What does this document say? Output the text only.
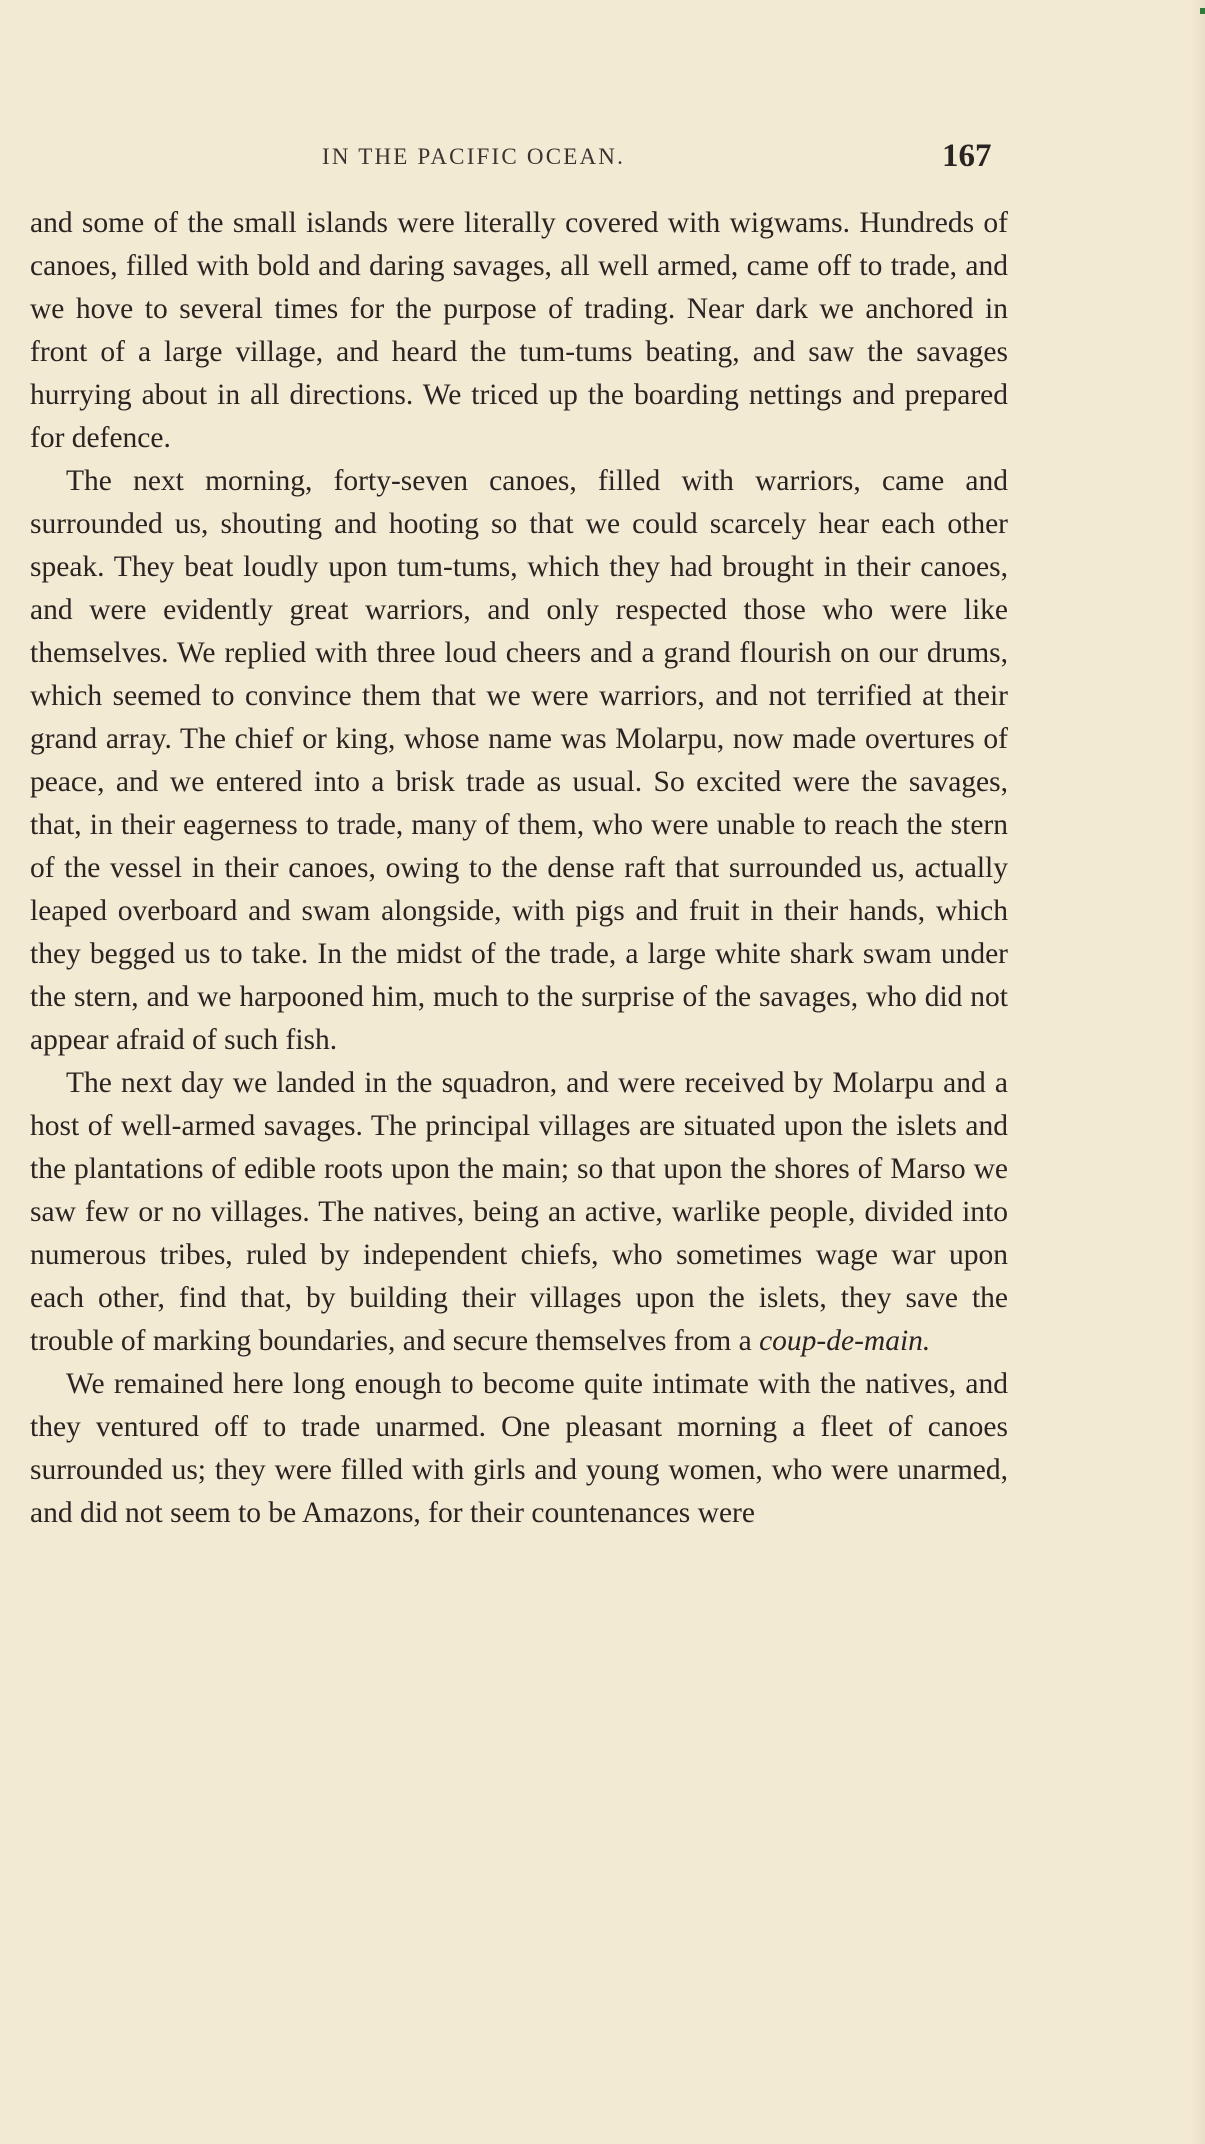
IN THE PACIFIC OCEAN.	167

and some of the small islands were literally covered with wigwams. Hundreds of canoes, filled with bold and daring savages, all well armed, came off to trade, and we hove to several times for the purpose of trading. Near dark we anchored in front of a large village, and heard the tum-tums beating, and saw the savages hurrying about in all directions. We triced up the boarding nettings and prepared for defence.

The next morning, forty-seven canoes, filled with warriors, came and surrounded us, shouting and hooting so that we could scarcely hear each other speak. They beat loudly upon tum-tums, which they had brought in their canoes, and were evidently great warriors, and only respected those who were like themselves. We replied with three loud cheers and a grand flourish on our drums, which seemed to convince them that we were warriors, and not terrified at their grand array. The chief or king, whose name was Molarpu, now made overtures of peace, and we entered into a brisk trade as usual. So excited were the savages, that, in their eagerness to trade, many of them, who were unable to reach the stern of the vessel in their canoes, owing to the dense raft that surrounded us, actually leaped overboard and swam alongside, with pigs and fruit in their hands, which they begged us to take. In the midst of the trade, a large white shark swam under the stern, and we harpooned him, much to the surprise of the savages, who did not appear afraid of such fish.

The next day we landed in the squadron, and were received by Molarpu and a host of well-armed savages. The principal villages are situated upon the islets and the plantations of edible roots upon the main; so that upon the shores of Marso we saw few or no villages. The natives, being an active, warlike people, divided into numerous tribes, ruled by independent chiefs, who sometimes wage war upon each other, find that, by building their villages upon the islets, they save the trouble of marking boundaries, and secure themselves from a coup-de-main.

We remained here long enough to become quite intimate with the natives, and they ventured off to trade unarmed. One pleasant morning a fleet of canoes surrounded us; they were filled with girls and young women, who were unarmed, and did not seem to be Amazons, for their countenances were
